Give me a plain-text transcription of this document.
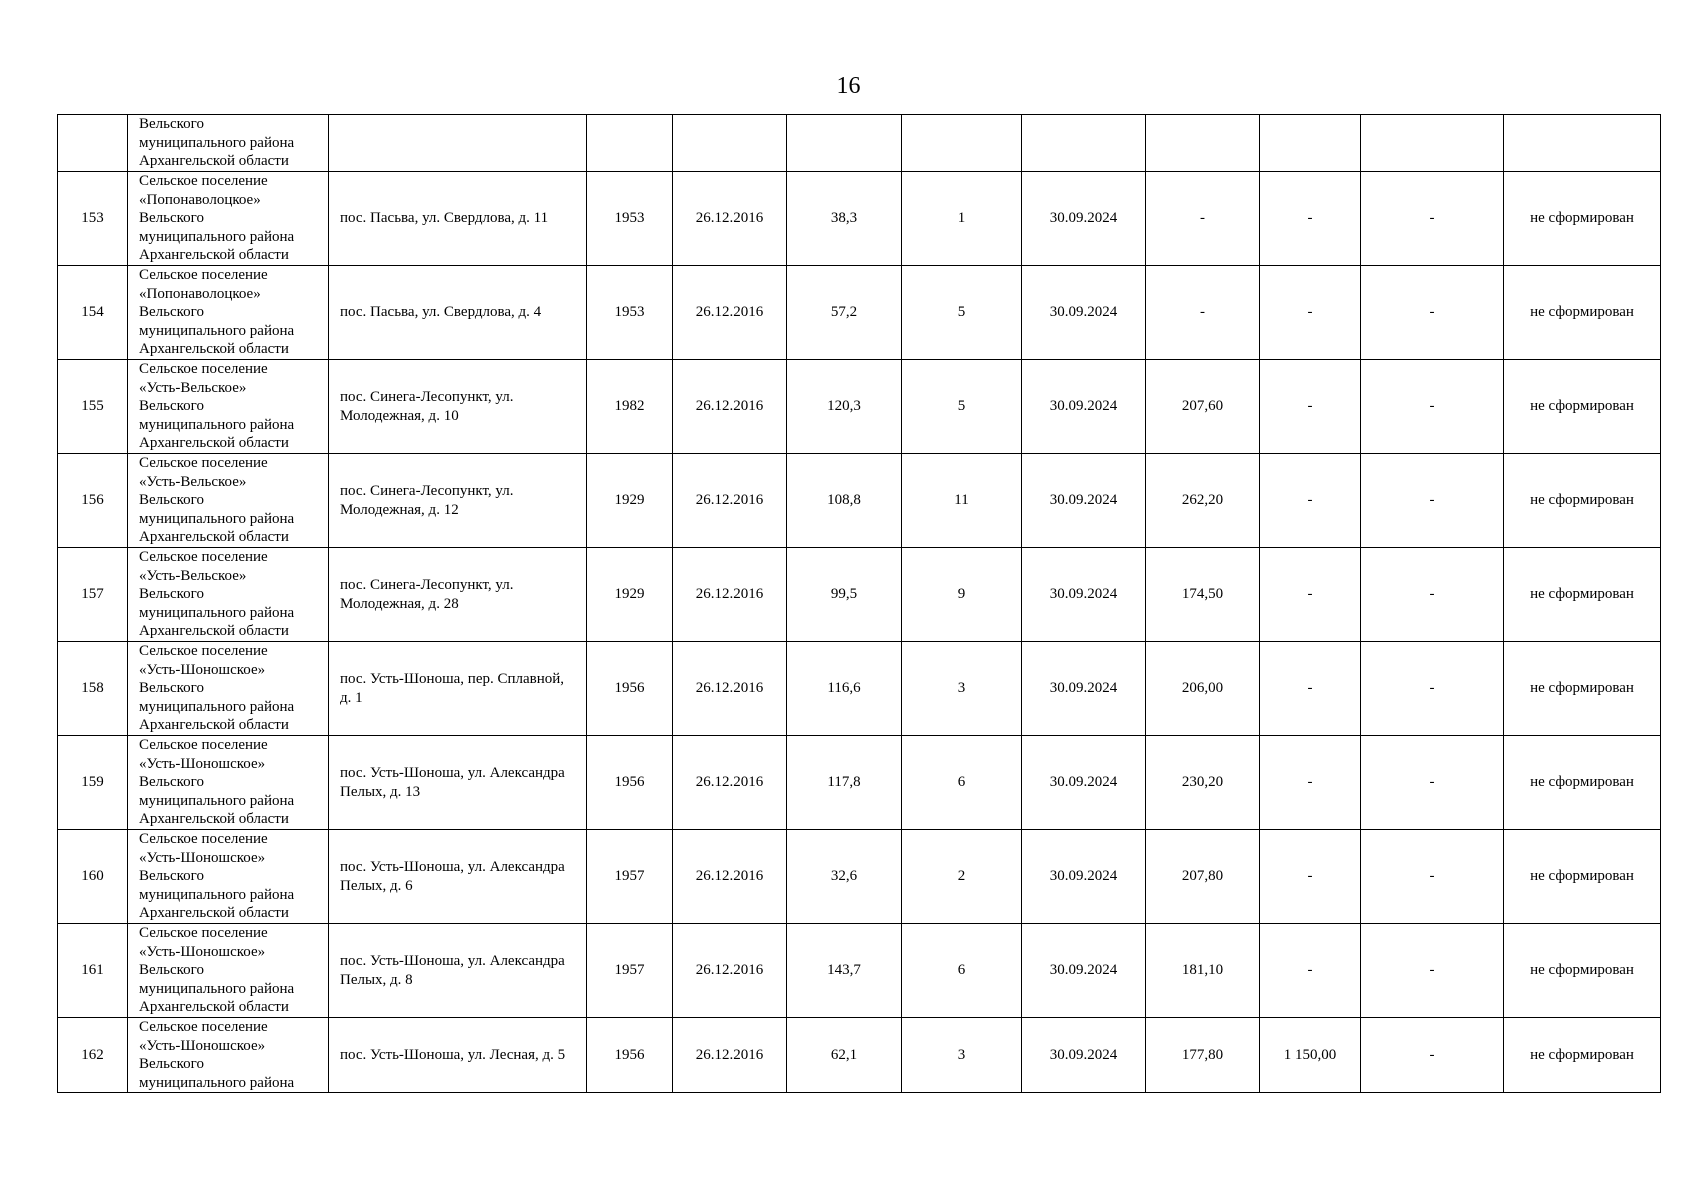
16

	Вельского
муниципального района
Архангельской области										

153	Сельское поселение
«Попонаволоцкое»
Вельского
муниципального района
Архангельской области	пос. Пасьва, ул. Свердлова, д. 11	1953	26.12.2016	38,3	1	30.09.2024	-	-	-	не сформирован
154	Сельское поселение
«Попонаволоцкое»
Вельского
муниципального района
Архангельской области	пос. Пасьва, ул. Свердлова, д. 4	1953	26.12.2016	57,2	5	30.09.2024	-	-	-	не сформирован
155	Сельское поселение
«Усть-Вельское»
Вельского
муниципального района
Архангельской области	пос. Синега-Лесопункт, ул. Молодежная, д. 10	1982	26.12.2016	120,3	5	30.09.2024	207,60	-	-	не сформирован
156	Сельское поселение
«Усть-Вельское»
Вельского
муниципального района
Архангельской области	пос. Синега-Лесопункт, ул. Молодежная, д. 12	1929	26.12.2016	108,8	11	30.09.2024	262,20	-	-	не сформирован
157	Сельское поселение
«Усть-Вельское»
Вельского
муниципального района
Архангельской области	пос. Синега-Лесопункт, ул. Молодежная, д. 28	1929	26.12.2016	99,5	9	30.09.2024	174,50	-	-	не сформирован
158	Сельское поселение
«Усть-Шоношское»
Вельского
муниципального района
Архангельской области	пос. Усть-Шоноша, пер. Сплавной, д. 1	1956	26.12.2016	116,6	3	30.09.2024	206,00	-	-	не сформирован
159	Сельское поселение
«Усть-Шоношское»
Вельского
муниципального района
Архангельской области	пос. Усть-Шоноша, ул. Александра Пелых, д. 13	1956	26.12.2016	117,8	6	30.09.2024	230,20	-	-	не сформирован
160	Сельское поселение
«Усть-Шоношское»
Вельского
муниципального района
Архангельской области	пос. Усть-Шоноша, ул. Александра Пелых, д. 6	1957	26.12.2016	32,6	2	30.09.2024	207,80	-	-	не сформирован
161	Сельское поселение
«Усть-Шоношское»
Вельского
муниципального района
Архангельской области	пос. Усть-Шоноша, ул. Александра Пелых, д. 8	1957	26.12.2016	143,7	6	30.09.2024	181,10	-	-	не сформирован
162	Сельское поселение
«Усть-Шоношское»
Вельского
муниципального района	пос. Усть-Шоноша, ул. Лесная, д. 5	1956	26.12.2016	62,1	3	30.09.2024	177,80	1 150,00	-	не сформирован
